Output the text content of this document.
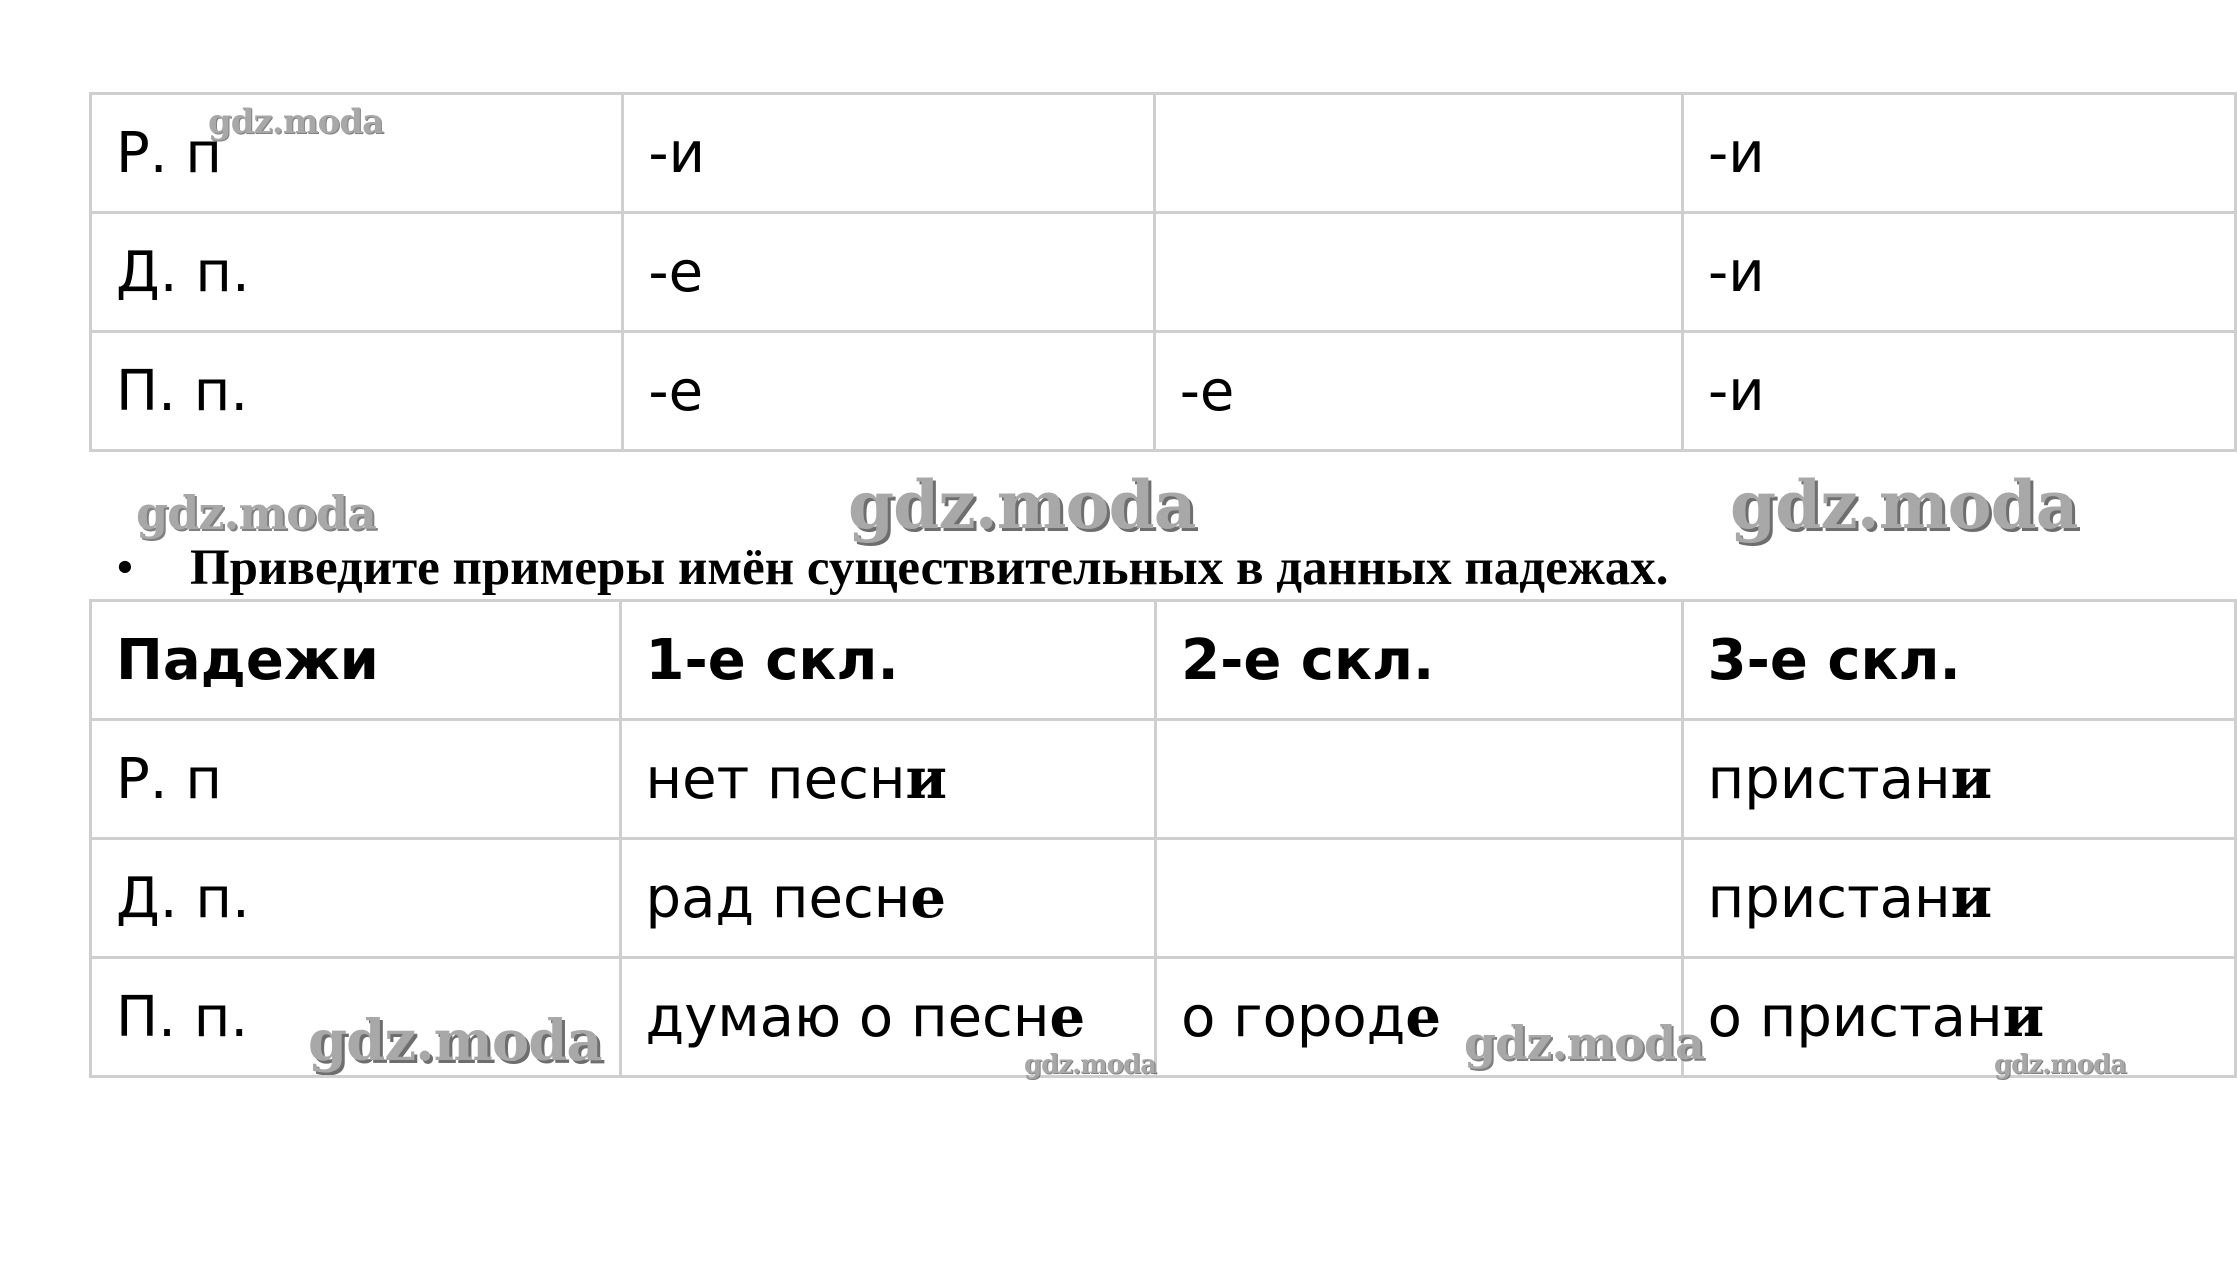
Р. п	-и		-и
Д. п.	-е		-и
П. п.	-е	-е	-и
• Приведите примеры имён существительных в данных падежах.
Падежи	1-е скл.	2-е скл.	3-е скл.
Р. п	нет песни		пристани
Д. п.	рад песне		пристани
П. п.	думаю о песне	о городе	о пристани
gdz.moda
gdz.moda	gdz.moda	gdz.moda
gdz.moda	gdz.moda	gdz.moda	gdz.moda
